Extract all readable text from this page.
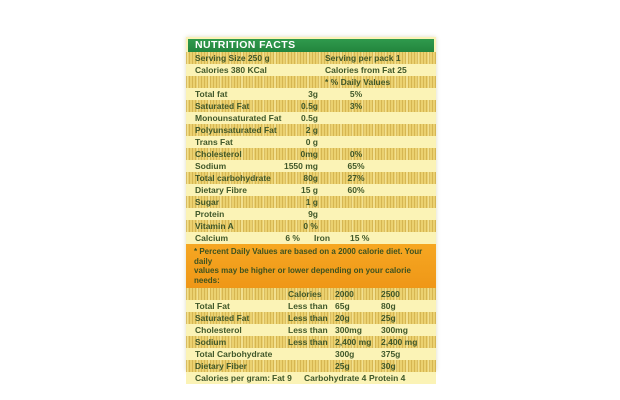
NUTRITION FACTS
Serving Size 250 g	Serving per pack 1
Calories 380 KCal	Calories from Fat 25
* % Daily Values
Total fat	3g	5%
Saturated Fat	0.5g	3%
Monounsaturated Fat	0.5g
Polyunsaturated Fat	2 g
Trans Fat	0 g
Cholesterol	0mg	0%
Sodium	1550 mg	65%
Total carbohydrate	80g	27%
Dietary Fibre	15 g	60%
Sugar	1 g
Protein	9g
Vitamin A	0 %
Calcium	6 % Iron 15 %
* Percent Daily Values are based on a 2000 calorie diet. Your daily
values may be higher or lower depending on your calorie needs:
Calories 2000	2500
Total Fat	Less than 65g	80g
Saturated Fat	Less than 20g	25g
Cholesterol	Less than 300mg 300mg
Sodium	Less than 2,400 mg 2,400 mg
Total Carbohydrate	300g	375g
Dietary Fiber	25g	30g
Calories per gram: Fat 9 Carbohydrate 4 Protein 4
